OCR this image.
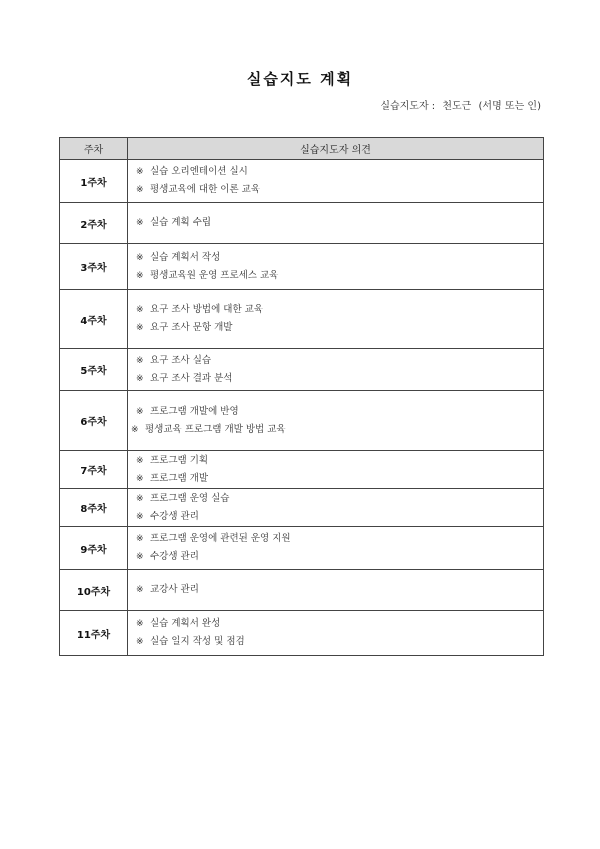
실습지도 계획
실습지도자 : 천도근 (서명 또는 인)
주차	실습지도자 의견
1주차	※ 실습 오리엔테이션 실시
※ 평생교육에 대한 이론 교육

2주차	※ 실습 계획 수립

3주차	※ 실습 계획서 작성
※ 평생교육원 운영 프로세스 교육

4주차	※ 요구 조사 방법에 대한 교육
※ 요구 조사 문항 개발

5주차	※ 요구 조사 실습
※ 요구 조사 결과 분석

6주차	※ 프로그램 개발에 반영
※ 평생교육 프로그램 개발 방법 교육

7주차	※ 프로그램 기획
※ 프로그램 개발

8주차	※ 프로그램 운영 실습
※ 수강생 관리

9주차	※ 프로그램 운영에 관련된 운영 지원
※ 수강생 관리

10주차	※ 교강사 관리

11주차	※ 실습 계획서 완성
※ 실습 일지 작성 및 점검
